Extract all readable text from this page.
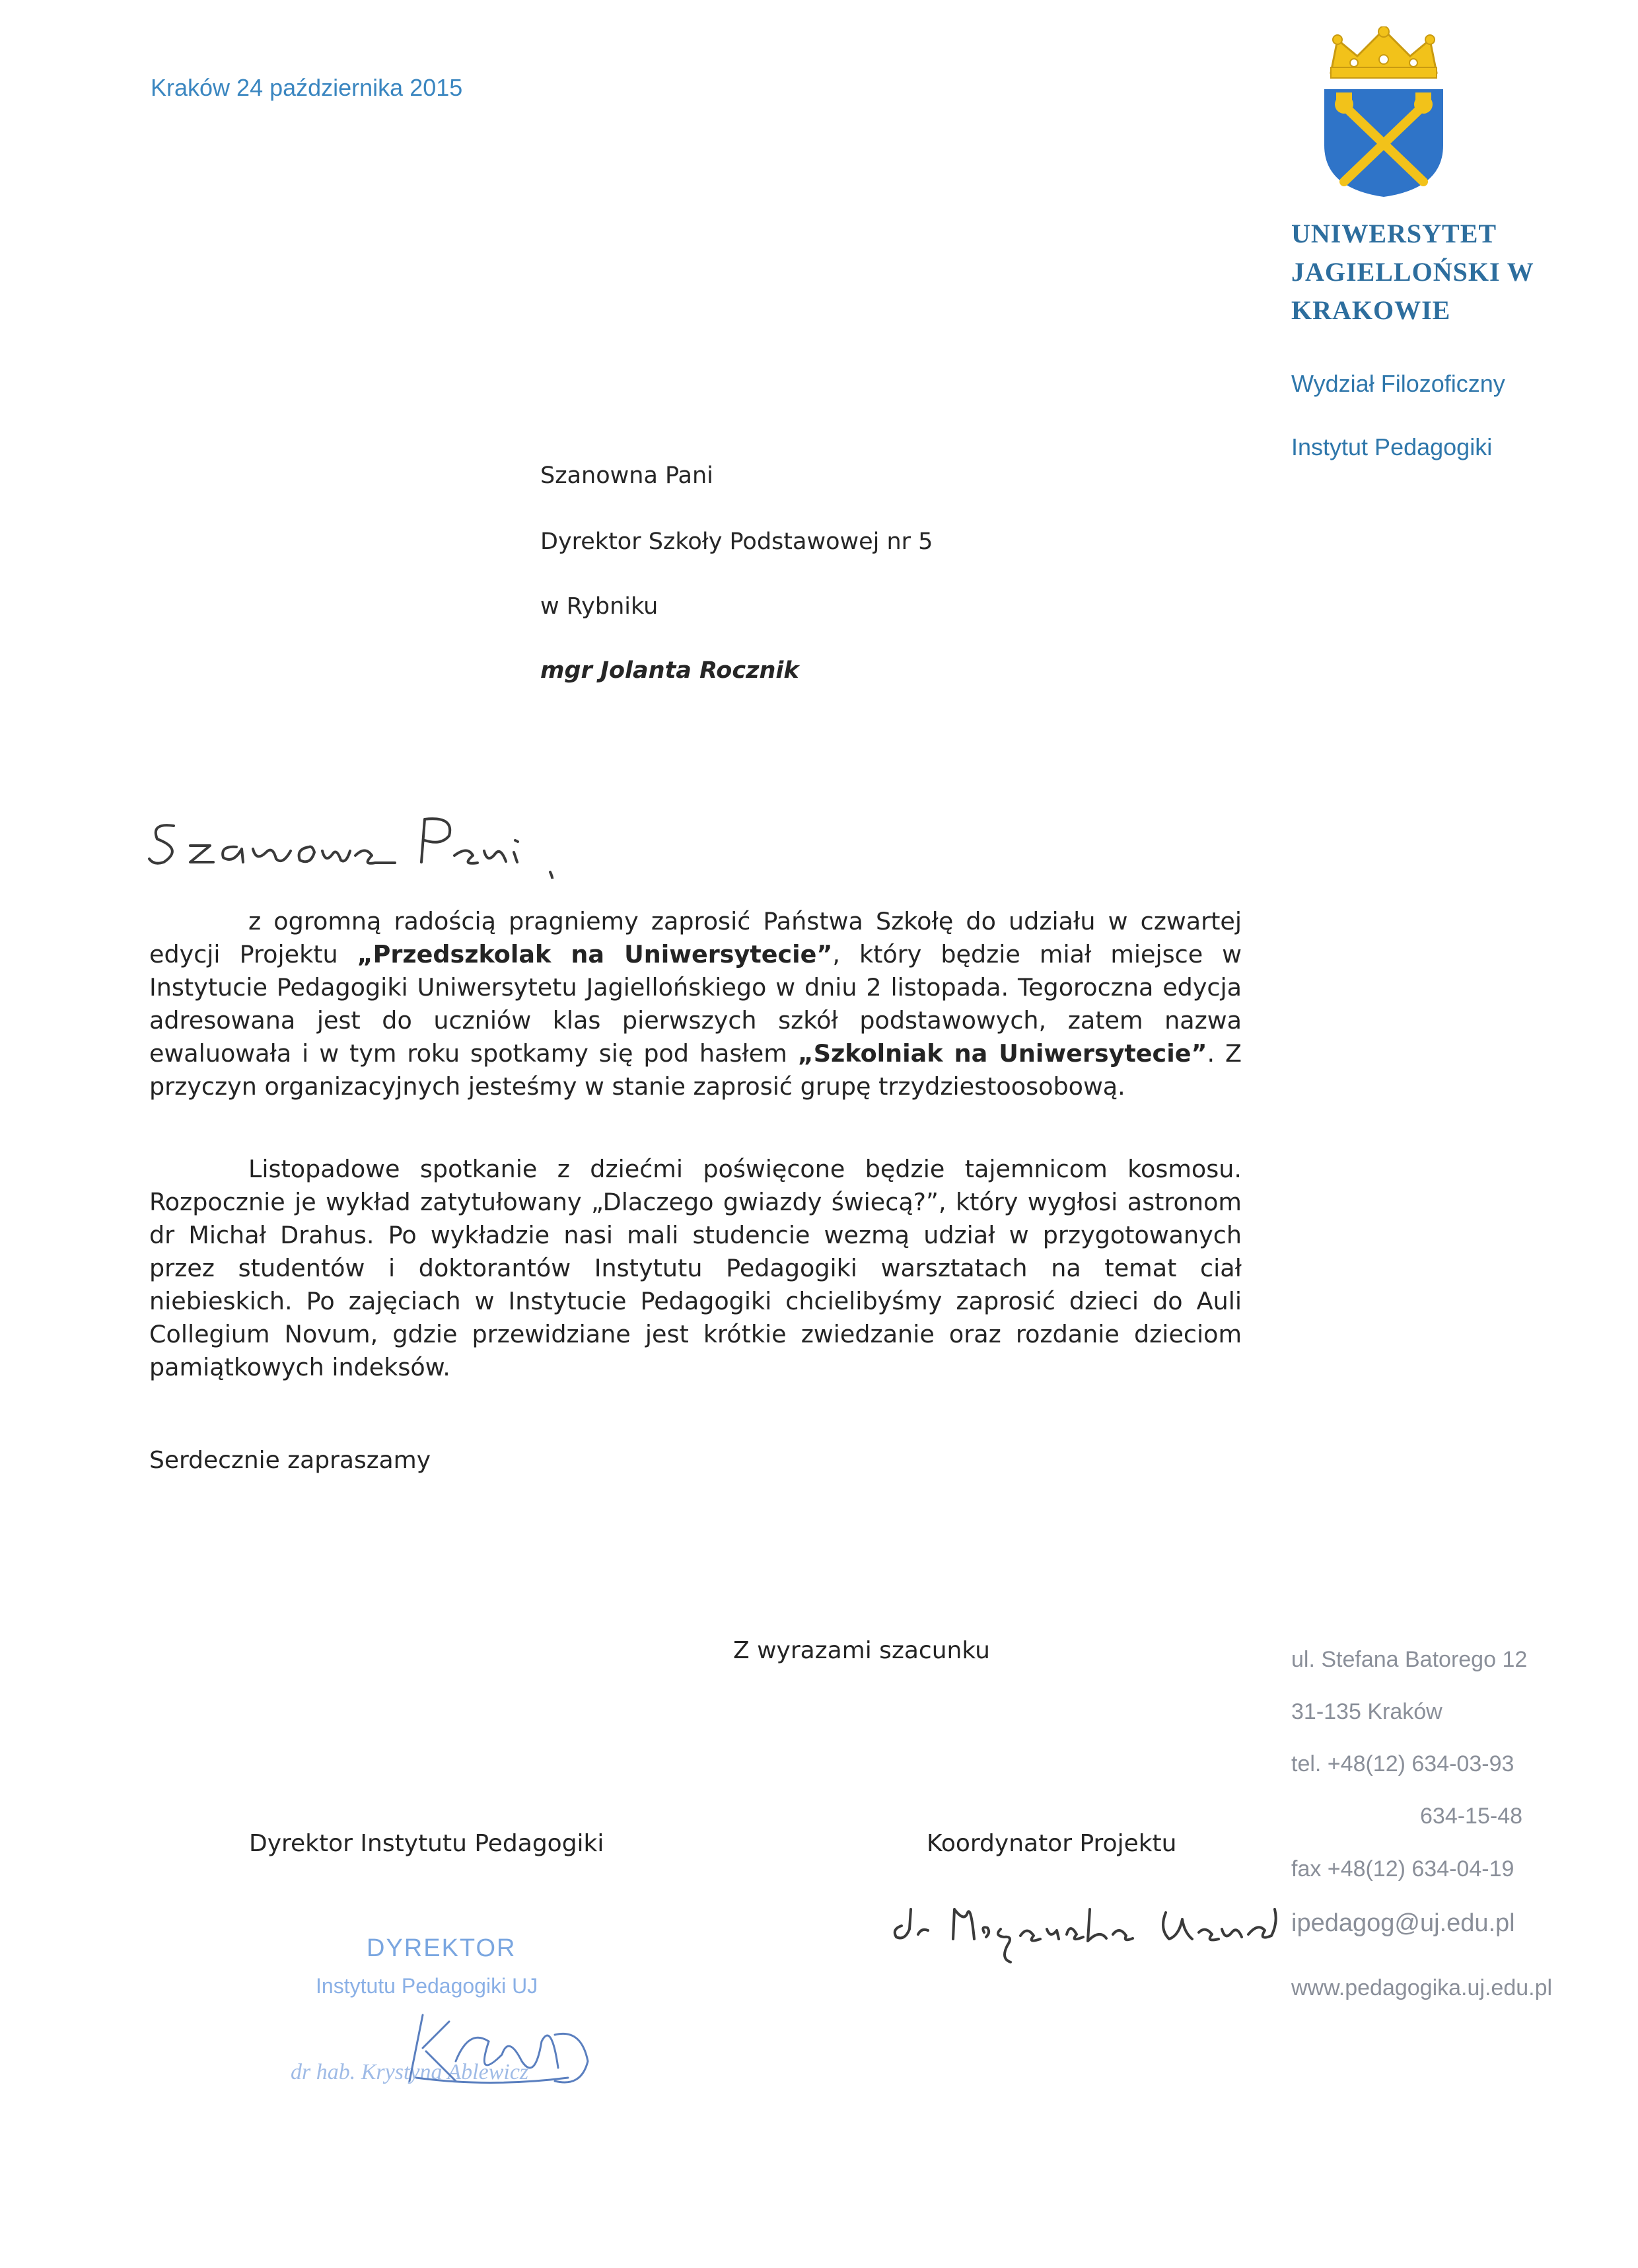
Kraków 24 października 2015
UNIWERSYTET
JAGIELLOŃSKI W
KRAKOWIE
Wydział Filozoficzny
Instytut Pedagogiki
Szanowna Pani
Dyrektor Szkoły Podstawowej nr 5
w Rybniku
mgr Jolanta Rocznik
z ogromną radością pragniemy zaprosić Państwa Szkołę do udziału w czwartej edycji Projektu „Przedszkolak na Uniwersytecie”, który będzie miał miejsce w Instytucie Pedagogiki Uniwersytetu Jagiellońskiego w dniu 2 listopada. Tegoroczna edycja adresowana jest do uczniów klas pierwszych szkół podstawowych, zatem nazwa ewaluowała i w tym roku spotkamy się pod hasłem „Szkolniak na Uniwersytecie”. Z przyczyn organizacyjnych jesteśmy w stanie zaprosić grupę trzydziestoosobową.
Listopadowe spotkanie z dziećmi poświęcone będzie tajemnicom kosmosu. Rozpocznie je wykład zatytułowany „Dlaczego gwiazdy świecą?”, który wygłosi astronom dr Michał Drahus. Po wykładzie nasi mali studencie wezmą udział w przygotowanych przez studentów i doktorantów Instytutu Pedagogiki warsztatach na temat ciał niebieskich. Po zajęciach w Instytucie Pedagogiki chcielibyśmy zaprosić dzieci do Auli Collegium Novum, gdzie przewidziane jest krótkie zwiedzanie oraz rozdanie dzieciom pamiątkowych indeksów.
Serdecznie zapraszamy
Z wyrazami szacunku
Dyrektor Instytutu Pedagogiki	Koordynator Projektu
DYREKTOR
Instytutu Pedagogiki UJ
dr hab. Krystyna Ablewicz
ul. Stefana Batorego 12
31-135 Kraków
tel. +48(12) 634-03-93
634-15-48
fax +48(12) 634-04-19
ipedagog@uj.edu.pl
www.pedagogika.uj.edu.pl
